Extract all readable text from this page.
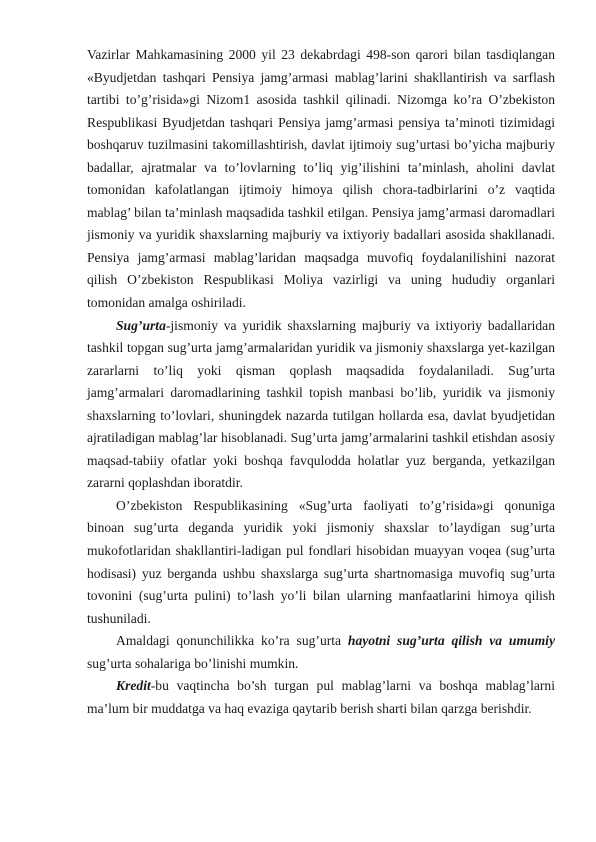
Vazirlar Mahkamasining 2000 yil 23 dekabrdagi 498-son qarori bilan tasdiqlangan «Byudjetdan tashqari Pensiya jamg’armasi mablag’larini shakllantirish va sarflash tartibi to’g’risida»gi Nizom1 asosida tashkil qilinadi. Nizomga ko’ra O’zbekiston Respublikasi Byudjetdan tashqari Pensiya jamg’armasi pensiya ta’minoti tizimidagi boshqaruv tuzilmasini takomillashtirish, davlat ijtimoiy sug’urtasi bo’yicha majburiy badallar, ajratmalar va to’lovlarning to’liq yig’ilishini ta’minlash, aholini davlat tomonidan kafolatlangan ijtimoiy himoya qilish chora-tadbirlarini o’z vaqtida mablag’ bilan ta’minlash maqsadida tashkil etilgan. Pensiya jamg’armasi daromadlari jismoniy va yuridik shaxslarning majburiy va ixtiyoriy badallari asosida shakllanadi. Pensiya jamg’armasi mablag’laridan maqsadga muvofiq foydalanilishini nazorat qilish O’zbekiston Respublikasi Moliya vazirligi va uning hududiy organlari tomonidan amalga oshiriladi.

Sug’urta-jismoniy va yuridik shaxslarning majburiy va ixtiyoriy badallaridan tashkil topgan sug’urta jamg’armalaridan yuridik va jismoniy shaxslarga yet-kazilgan zararlarni to’liq yoki qisman qoplash maqsadida foydalaniladi. Sug’urta jamg’armalari daromadlarining tashkil topish manbasi bo’lib, yuridik va jismoniy shaxslarning to’lovlari, shuningdek nazarda tutilgan hollarda esa, davlat byudjetidan ajratiladigan mablag’lar hisoblanadi. Sug’urta jamg’armalarini tashkil etishdan asosiy maqsad-tabiiy ofatlar yoki boshqa favqulodda holatlar yuz berganda, yetkazilgan zararni qoplashdan iboratdir.

O’zbekiston Respublikasining «Sug’urta faoliyati to’g’risida»gi qonuniga binoan sug’urta deganda yuridik yoki jismoniy shaxslar to’laydigan sug’urta mukofotlaridan shakllantiri-ladigan pul fondlari hisobidan muayyan voqea (sug’urta hodisasi) yuz berganda ushbu shaxslarga sug’urta shartnomasiga muvofiq sug’urta tovonini (sug’urta pulini) to’lash yo’li bilan ularning manfaatlarini himoya qilish tushuniladi.

Amaldagi qonunchilikka ko’ra sug’urta hayotni sug’urta qilish va umumiy sug’urta sohalariga bo’linishi mumkin.

Kredit-bu vaqtincha bo’sh turgan pul mablag’larni va boshqa mablag’larni ma’lum bir muddatga va haq evaziga qaytarib berish sharti bilan qarzga berishdir.
